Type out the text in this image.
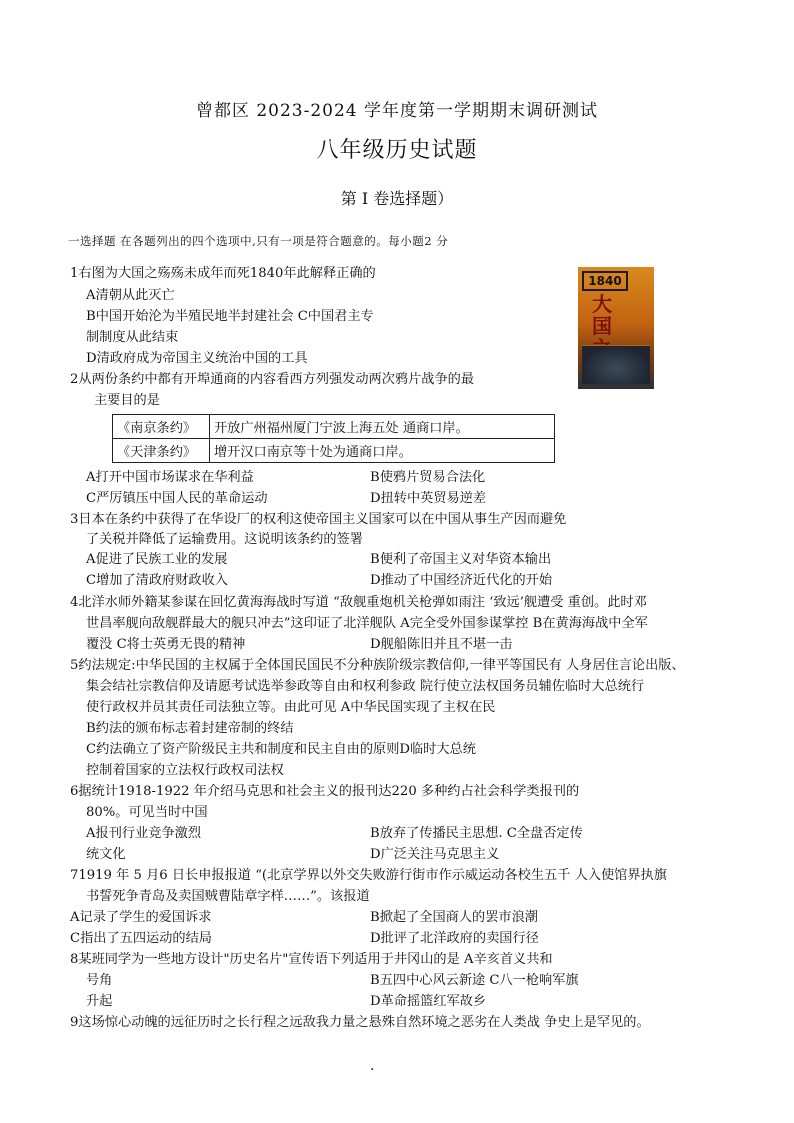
曾都区 2023-2024 学年度第一学期期末调研测试
八年级历史试题
第 I 卷选择题）
一选择题 在各题列出的四个选项中,只有一项是符合题意的。每小题2 分
1840
大国
1右图为大国之殇殇未成年而死1840年此解释正确的
A清朝从此灭亡
B中国开始沦为半殖民地半封建社会 C中国君主专
制制度从此结束
D清政府成为帝国主义统治中国的工具
2从两份条约中都有开埠通商的内容看西方列强发动两次鸦片战争的最
主要目的是
《南京条约》	开放广州福州厦门宁波上海五处 通商口岸。
《天津条约》	增开汉口南京等十处为通商口岸。
A打开中国市场谋求在华利益	B使鸦片贸易合法化
C严厉镇压中国人民的革命运动	D扭转中英贸易逆差
3日本在条约中获得了在华设厂的权利这使帝国主义国家可以在中国从事生产因而避免
了关税并降低了运输费用。这说明该条约的签署
A促进了民族工业的发展	B便利了帝国主义对华资本输出
C增加了清政府财政收入	D推动了中国经济近代化的开始
4北洋水师外籍某参谋在回忆黄海海战时写道 “敌舰重炮机关枪弹如雨注 ‘致远’舰遭受 重创。此时邓
世昌率舰向敌舰群最大的舰只冲去”这印证了北洋舰队 A完全受外国参谋掌控 B在黄海海战中全军
覆没 C将士英勇无畏的精神	D舰船陈旧并且不堪一击
5约法规定:中华民国的主权属于全体国民国民不分种族阶级宗教信仰,一律平等国民有 人身居住言论出版、
集会结社宗教信仰及请愿考试选举参政等自由和权利参政 院行使立法权国务员辅佐临时大总统行
使行政权并员其责任司法独立等。由此可见 A中华民国实现了主权在民
B约法的颁布标志着封建帝制的终结
C约法确立了资产阶级民主共和制度和民主自由的原则D临时大总统
控制着国家的立法权行政权司法权
6据统计1918-1922 年介绍马克思和社会主义的报刊达220 多种约占社会科学类报刊的
80%。可见当时中国
A报刊行业竞争激烈	B放弃了传播民主思想. C全盘否定传
统文化	D广泛关注马克思主义
71919 年 5 月6 日长申报报道 “(北京学界以外交失败游行街市作示威运动各校生五千 人入使馆界执旗
书誓死争青岛及卖国贼曹陆章字样……”。该报道
A记录了学生的爱国诉求	B掀起了全国商人的罢市浪潮
C指出了五四运动的结局	D批评了北洋政府的卖国行径
8某班同学为一些地方设计"历史名片"宣传语下列适用于井冈山的是 A辛亥首义共和
号角	B五四中心风云新途 C八一枪响军旗
升起	D革命摇篮红军故乡
9这场惊心动魄的远征历时之长行程之远敌我力量之悬殊自然环境之恶劣在人类战 争史上是罕见的。
.
